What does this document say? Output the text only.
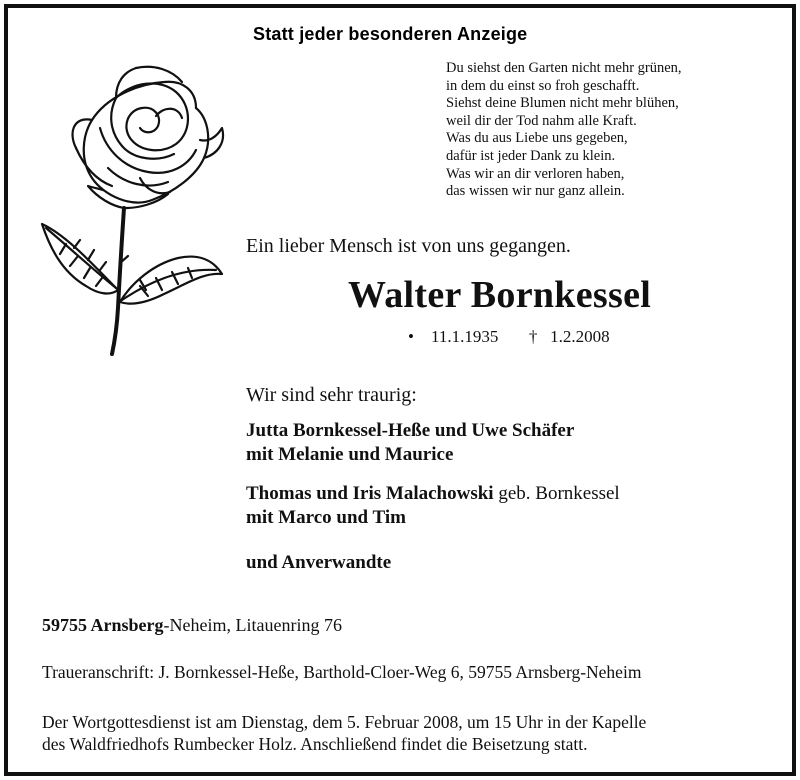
Statt jeder besonderen Anzeige
Du siehst den Garten nicht mehr grünen,
in dem du einst so froh geschafft.
Siehst deine Blumen nicht mehr blühen,
weil dir der Tod nahm alle Kraft.
Was du aus Liebe uns gegeben,
dafür ist jeder Dank zu klein.
Was wir an dir verloren haben,
das wissen wir nur ganz allein.
Ein lieber Mensch ist von uns gegangen.
Walter Bornkessel
• 11.1.1935 † 1.2.2008
Wir sind sehr traurig:
Jutta Bornkessel-Heße und Uwe Schäfer
mit Melanie und Maurice
Thomas und Iris Malachowski geb. Bornkessel
mit Marco und Tim
und Anverwandte
59755 Arnsberg-Neheim, Litauenring 76
Traueranschrift: J. Bornkessel-Heße, Barthold-Cloer-Weg 6, 59755 Arnsberg-Neheim
Der Wortgottesdienst ist am Dienstag, dem 5. Februar 2008, um 15 Uhr in der Kapelle
des Waldfriedhofs Rumbecker Holz. Anschließend findet die Beisetzung statt.
